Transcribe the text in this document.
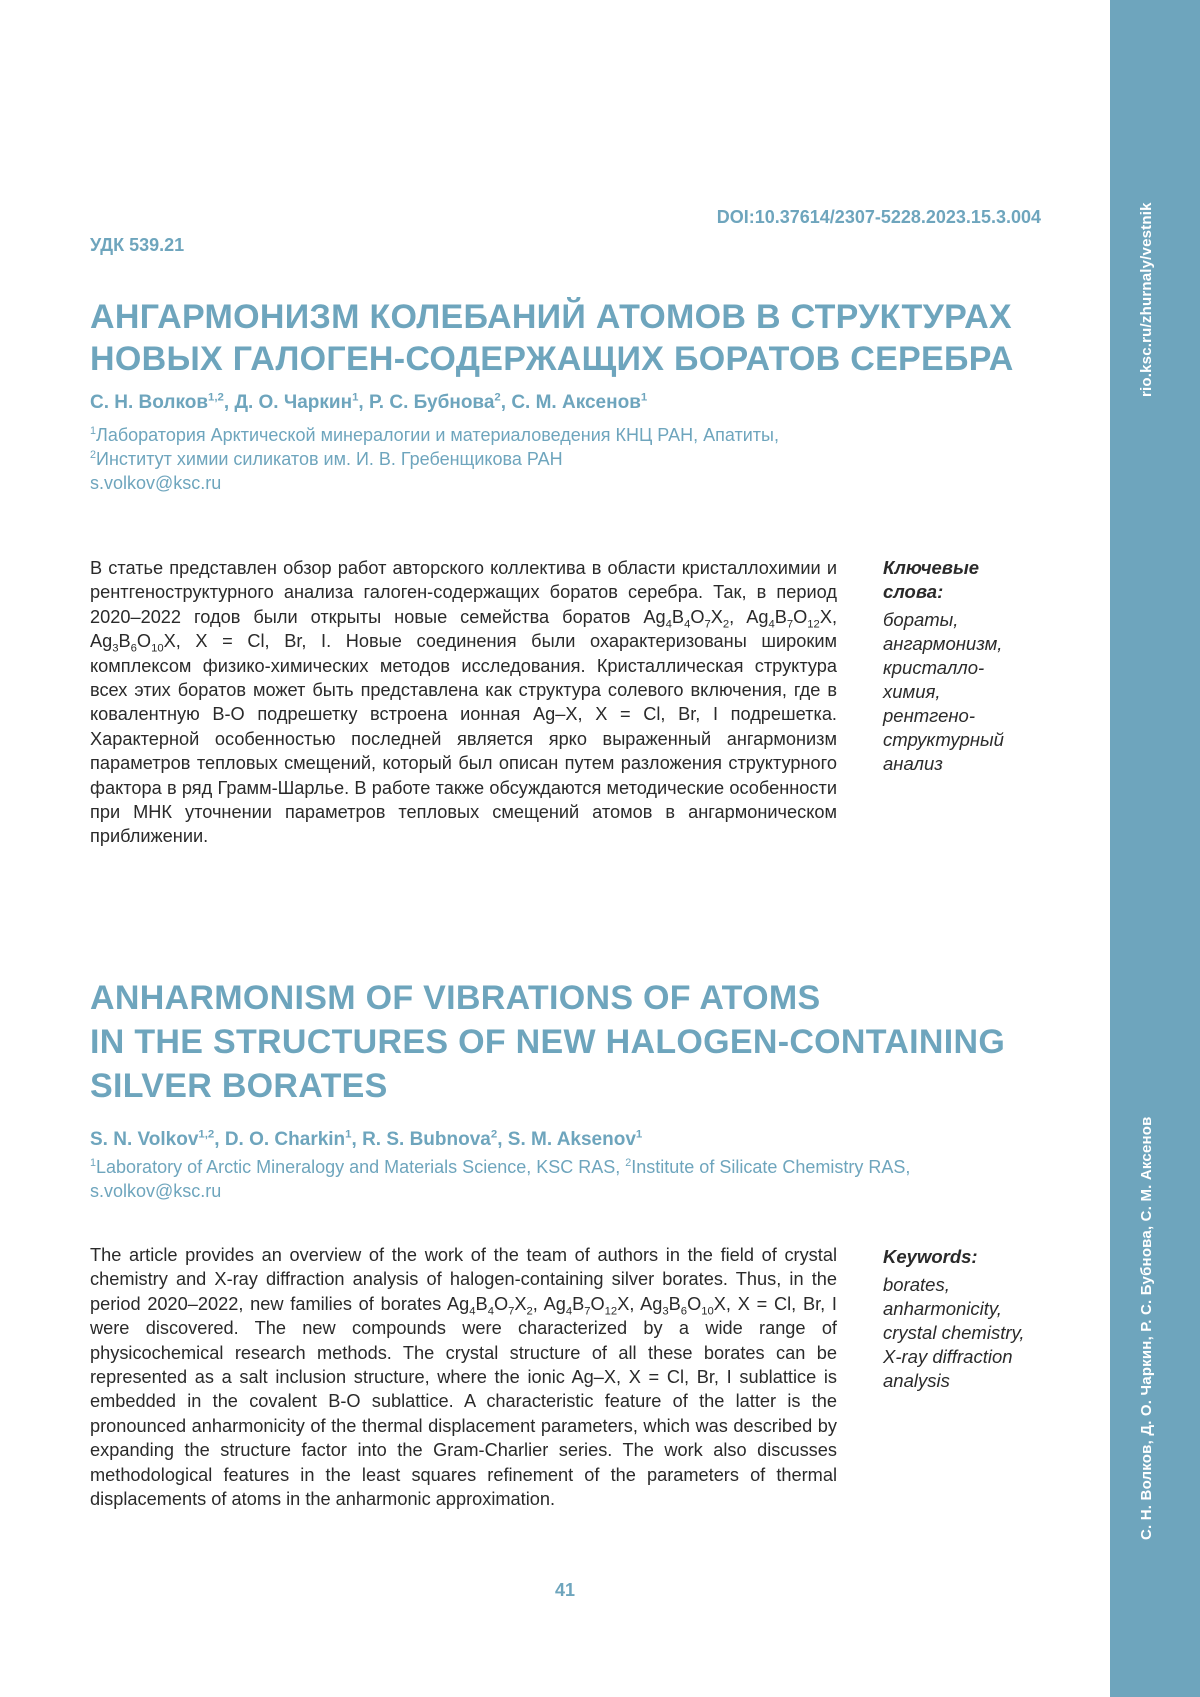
rio.ksc.ru/zhurnaly/vestnik
С. Н. Волков, Д. О. Чаркин, Р. С. Бубнова, С. М. Аксенов
DOI:10.37614/2307-5228.2023.15.3.004
УДК 539.21
АНГАРМОНИЗМ КОЛЕБАНИЙ АТОМОВ В СТРУКТУРАХ
НОВЫХ ГАЛОГЕН-СОДЕРЖАЩИХ БОРАТОВ СЕРЕБРА
С. Н. Волков$^{1,2}$, Д. О. Чаркин$^1$, Р. С. Бубнова$^2$, С. М. Аксенов$^1$
$^1$Лаборатория Арктической минералогии и материаловедения КНЦ РАН, Апатиты,
$^2$Институт химии силикатов им. И. В. Гребенщикова РАН
s.volkov@ksc.ru

В статье представлен обзор работ авторского коллектива в области кристаллохимии и рентгеноструктурного анализа галоген-содержащих боратов серебра. Так, в период 2020–2022 годов были открыты новые семейства боратов $Ag_4B_4O_7X_2$, $Ag_4B_7O_{12}X$, $Ag_3B_6O_{10}X$, X = Cl, Br, I. Новые соединения были охарактеризованы широким комплексом физико-химических методов исследования. Кристаллическая структура всех этих боратов может быть представлена как структура солевого включения, где в ковалентную B-O подрешетку встроена ионная Ag–X, X = Cl, Br, I подрешетка. Характерной особенностью последней является ярко выраженный ангармонизм параметров тепловых смещений, который был описан путем разложения структурного фактора в ряд Грамм-Шарлье. В работе также обсуждаются методические особенности при МНК уточнении параметров тепловых смещений атомов в ангармоническом приближении.

Ключевые слова:
бораты,
ангармонизм,
кристалло-
химия,
рентгено-
структурный
анализ
ANHARMONISM OF VIBRATIONS OF ATOMS
IN THE STRUCTURES OF NEW HALOGEN-CONTAINING
SILVER BORATES
S. N. Volkov$^{1,2}$, D. O. Charkin$^1$, R. S. Bubnova$^2$, S. M. Aksenov$^1$
$^1$Laboratory of Arctic Mineralogy and Materials Science, KSC RAS, $^2$Institute of Silicate Chemistry RAS,
s.volkov@ksc.ru

The article provides an overview of the work of the team of authors in the field of crystal chemistry and X-ray diffraction analysis of halogen-containing silver borates. Thus, in the period 2020–2022, new families of borates $Ag_4B_4O_7X_2$, $Ag_4B_7O_{12}X$, $Ag_3B_6O_{10}X$, X = Cl, Br, I were discovered. The new compounds were characterized by a wide range of physicochemical research methods. The crystal structure of all these borates can be represented as a salt inclusion structure, where the ionic Ag–X, X = Cl, Br, I sublattice is embedded in the covalent B-O sublattice. A characteristic feature of the latter is the pronounced anharmonicity of the thermal displacement parameters, which was described by expanding the structure factor into the Gram-Charlier series. The work also discusses methodological features in the least squares refinement of the parameters of thermal displacements of atoms in the anharmonic approximation.

Keywords:
borates,
anharmonicity,
crystal chemistry,
X-ray diffraction
analysis
41
